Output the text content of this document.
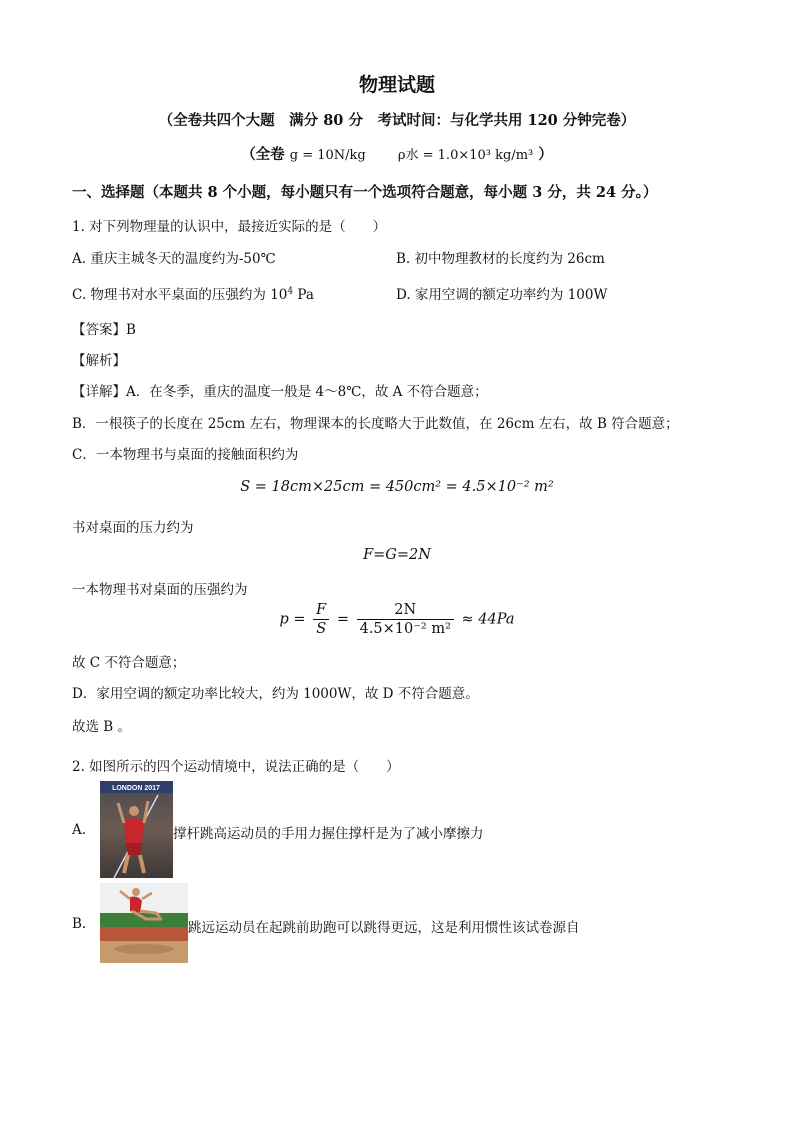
物理试题
（全卷共四个大题　满分 80 分　考试时间：与化学共用 120 分钟完卷）
（全卷 g = 10N/kg ρ水 = 1.0×10³ kg/m³ ）
一、选择题（本题共 8 个小题，每小题只有一个选项符合题意，每小题 3 分，共 24 分。）
1. 对下列物理量的认识中，最接近实际的是（　　）
A. 重庆主城冬天的温度约为-50℃	B. 初中物理教材的长度约为 26cm
C. 物理书对水平桌面的压强约为 $10^4$ Pa	D. 家用空调的额定功率约为 100W
【答案】B
【解析】
【详解】A．在冬季，重庆的温度一般是 4～8℃，故 A 不符合题意；
B．一根筷子的长度在 25cm 左右，物理课本的长度略大于此数值，在 26cm 左右，故 B 符合题意；
C．一本物理书与桌面的接触面积约为
S = 18cm×25cm = 450cm² = 4.5×10⁻² m²
书对桌面的压力约为
F=G=2N
一本物理书对桌面的压强约为
$p = \frac{F}{S} = \frac{2N}{\text{4.5×10⁻² m²}} \approx 44Pa$
故 C 不符合题意；
D．家用空调的额定功率比较大，约为 1000W，故 D 不符合题意。
故选 B 。
2. 如图所示的四个运动情境中，说法正确的是（　　）
A.
LONDON 2017
撑杆跳高运动员的手用力握住撑杆是为了减小摩擦力
B.	跳远运动员在起跳前助跑可以跳得更远，这是利用惯性该试卷源自
